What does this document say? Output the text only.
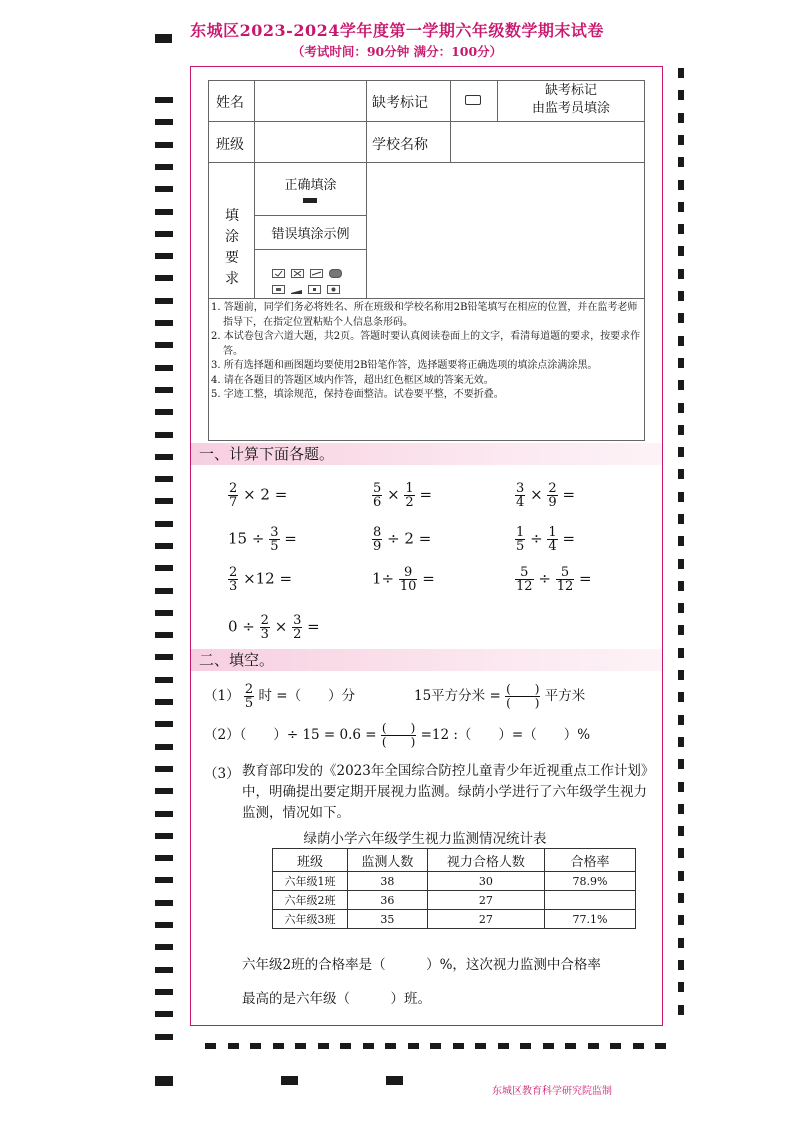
东城区2023-2024学年度第一学期六年级数学期末试卷
（考试时间：90分钟 满分：100分）
姓名	缺考标记
缺考标记
由监考员填涂
班级	学校名称
填涂要求
正确填涂
错误填涂示例

1. 答题前，同学们务必将姓名、所在班级和学校名称用2B铅笔填写在相应的位置，并在监考老师指导下，在指定位置粘贴个人信息条形码。

2. 本试卷包含六道大题，共2页。答题时要认真阅读卷面上的文字，看清每道题的要求，按要求作答。

3. 所有选择题和画图题均要使用2B铅笔作答，选择题要将正确选项的填涂点涂满涂黑。

4. 请在各题目的答题区域内作答，超出红色框区域的答案无效。

5. 字迹工整，填涂规范，保持卷面整洁。试卷要平整，不要折叠。

一、计算下面各题。
$\frac{2}{7} \times 2$ =	$\frac{5}{6} \times \frac{1}{2}$ =	$\frac{3}{4} \times \frac{2}{9}$ =
$15 \div \frac{3}{5}$ =	$\frac{8}{9} \div 2$ =	$\frac{1}{5} \div \frac{1}{4}$ =
$\frac{2}{3} \times 12$ =	$1\div \frac{9}{10}$ =	$\frac{5}{12} \div \frac{5}{12}$ =
$0 \div \frac{2}{3} \times \frac{3}{2}$ =
二、填空。
$(1) \frac{2}{5}$ 时 =（　　）分	15平方分米 = $\frac{( )}{( )}$ 平方米
（2）（　　）÷ $15 = 0.6 = \frac{( )}{( )} =12$ :（　　）=（　　）%
（3） 教育部印发的《2023年全国综合防控儿童青少年近视重点工作计划》中，明确提出要定期开展视力监测。绿荫小学进行了六年级学生视力监测，情况如下。
绿荫小学六年级学生视力监测情况统计表
班级	监测人数	视力合格人数	合格率
六年级1班	38	30	78.9%
六年级2班	36	27	
六年级3班	35	27	77.1%
六年级2班的合格率是（　　　）%，这次视力监测中合格率
最高的是六年级（　　　）班。
东城区教育科学研究院监制
